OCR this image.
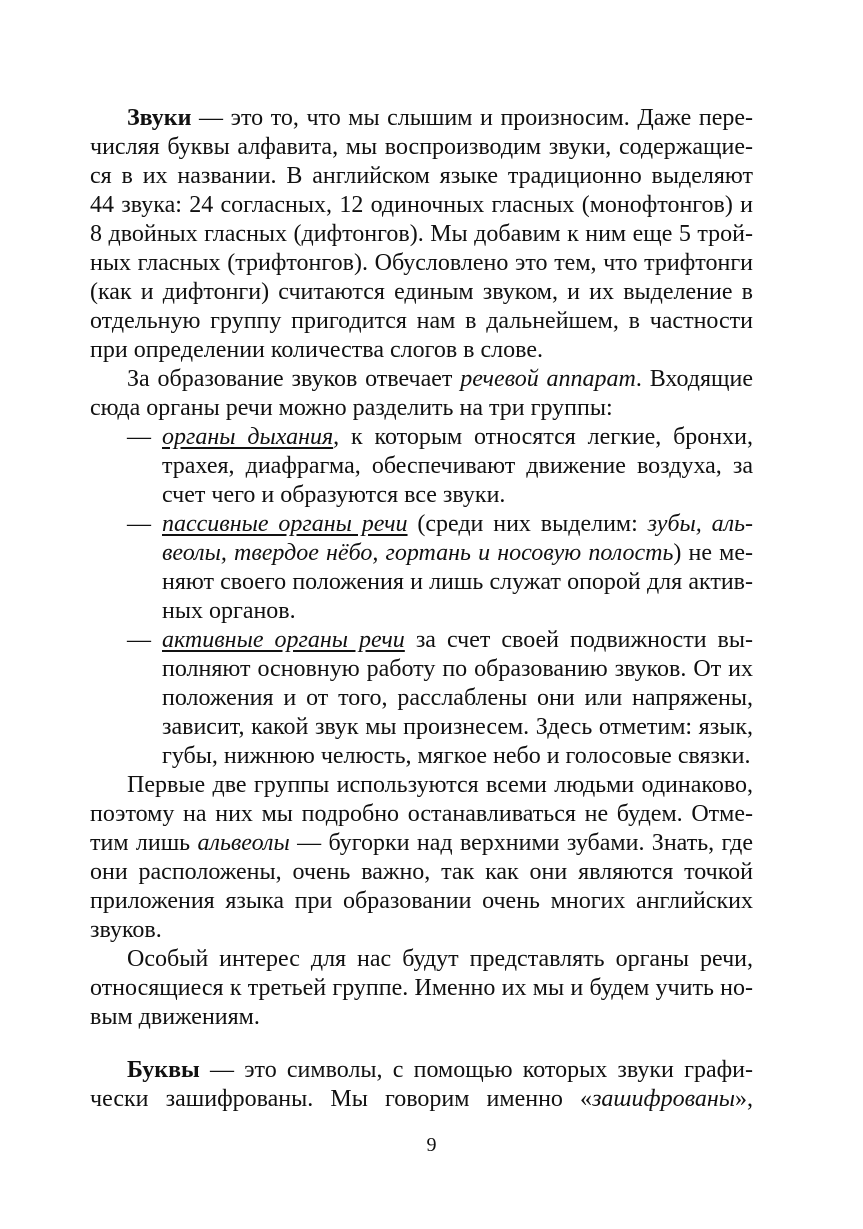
Звуки — это то, что мы слышим и произносим. Даже пере-
числяя буквы алфавита, мы воспроизводим звуки, содержащие-
ся в их названии. В английском языке традиционно выделяют
44 звука: 24 согласных, 12 одиночных гласных (монофтонгов) и
8 двойных гласных (дифтонгов). Мы добавим к ним еще 5 трой-
ных гласных (трифтонгов). Обусловлено это тем, что трифтонги
(как и дифтонги) считаются единым звуком, и их выделение в
отдельную группу пригодится нам в дальнейшем, в частности
при определении количества слогов в слове.
За образование звуков отвечает речевой аппарат. Входящие
сюда органы речи можно разделить на три группы:
— органы дыхания, к которым относятся легкие, бронхи,
трахея, диафрагма, обеспечивают движение воздуха, за
счет чего и образуются все звуки.
— пассивные органы речи (среди них выделим: зубы, аль-
веолы, твердое нёбо, гортань и носовую полость) не ме-
няют своего положения и лишь служат опорой для актив-
ных органов.
— активные органы речи за счет своей подвижности вы-
полняют основную работу по образованию звуков. От их
положения и от того, расслаблены они или напряжены,
зависит, какой звук мы произнесем. Здесь отметим: язык,
губы, нижнюю челюсть, мягкое небо и голосовые связки.
Первые две группы используются всеми людьми одинаково,
поэтому на них мы подробно останавливаться не будем. Отме-
тим лишь альвеолы — бугорки над верхними зубами. Знать, где
они расположены, очень важно, так как они являются точкой
приложения языка при образовании очень многих английских
звуков.
Особый интерес для нас будут представлять органы речи,
относящиеся к третьей группе. Именно их мы и будем учить но-
вым движениям.
Буквы — это символы, с помощью которых звуки графи-
чески зашифрованы. Мы говорим именно «зашифрованы»,
9
